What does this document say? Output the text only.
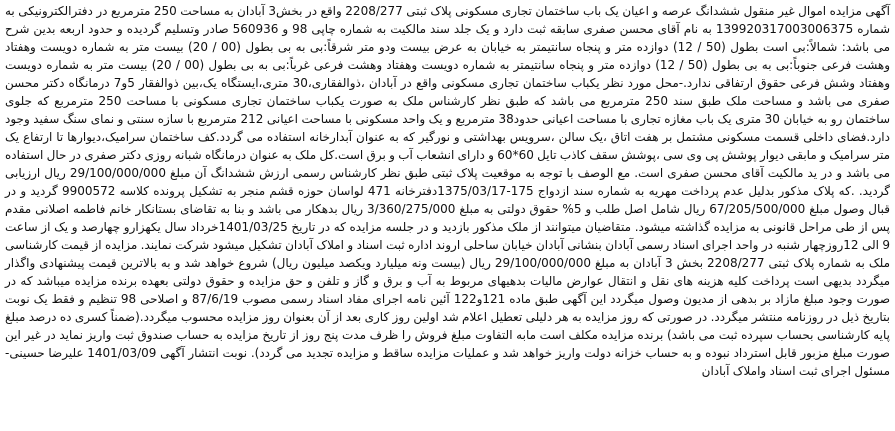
آگهی مزایده اموال غیر منقول ششدانگ عرصه و اعیان یک باب ساختمان تجاری مسکونی پلاک ثبتی 2208/277 واقع در بخش3 آبادان به مساحت 250 مترمربع در دفترالکترونیکی به شماره 139920317003006375 به نام آقای محسن صفری سابقه ثبت دارد و یک جلد سند مالکیت به شماره چاپی 98 و 560936 صادر وتسلیم گردیده و حدود اربعه بدین شرح می باشد: شمالاً:بی است بطول (50 / 12) دوازده متر و پنجاه سانتیمتر به خیابان به عرض بیست ودو متر شرقاً:بی به بی بطول (00 / 20) بیست متر به شماره دویست وهفتاد وهشت فرعی جنوباً:بی به بی بطول (50 / 12) دوازده متر و پنجاه سانتیمتر به شماره دویست وهفتاد وهشت فرعی غرباً:بی به بی بطول (00 / 20) بیست متر به شماره دویست وهفتاد وشش فرعی حقوق ارتفاقی ندارد.-محل مورد نظر یکباب ساختمان تجاری مسکونی واقع در آبادان ،ذوالفقاری،30 متری،ایستگاه یک،بین ذوالفقار 5و7 درمانگاه دکتر محسن صفری می باشد و مساحت ملک طبق سند 250 مترمربع می باشد که طبق نظر کارشناس ملک به صورت یکباب ساختمان تجاری مسکونی با مساحت 250 مترمربع که جلوی ساختمان رو به خیابان 30 متری یک باب مغازه تجاری با مساحت اعیانی حدود38 مترمربع و یک واحد مسکونی با مساحت اعیانی 212 مترمربع با سازه سنتی و نمای سنگ سفید وجود دارد.فضای داخلی قسمت مسکونی مشتمل بر هفت اتاق ،یک سالن ،سرویس بهداشتی و نورگیر که به عنوان آبدارخانه استفاده می گردد.کف ساختمان سرامیک،دیوارها تا ارتفاع یک متر سرامیک و مابقی دیوار پوشش پی وی سی ،پوشش سقف کاذب تایل 60*60 و دارای انشعاب آب و برق است.کل ملک به عنوان درمانگاه شبانه روزی دکتر صفری در حال استفاده می باشد و در ید مالکیت آقای محسن صفری است. مع الوصف با توجه به موقعیت پلاک ثبتی طبق نظر کارشناس رسمی ارزش ششدانگ آن مبلغ 29/100/000/000 ریال ارزیابی گردید. .که پلاک مذکور بدلیل عدم پرداخت مهریه به شماره سند ازدواج 175-1375/03/17دفترخانه 471 لواسان حوزه قشم منجر به تشکیل پرونده کلاسه 9900572 گردید و در قبال وصول مبلغ 67/205/500/000 ریال شامل اصل طلب و 5% حقوق دولتی به مبلغ 3/360/275/000 ریال بدهکار می باشد و بنا به تقاضای بستانکار خانم فاطمه اصلانی مقدم پس از طی مراحل قانونی به مزایده گذاشته میشود. متقاضیان میتوانند از ملک مذکور بازدید و در جلسه مزایده که در تاریخ 1401/03/25خرداد سال یکهزارو چهارصد و یک از ساعت 9 الی 12روزچهار شنبه در واحد اجرای اسناد رسمی آبادان بنشانی آبادان خیابان ساحلی اروند اداره ثبت اسناد و املاک آبادان تشکیل میشود شرکت نمایند. مزایده از قیمت کارشناسی ملک به شماره پلاک ثبتی 2208/277 بخش 3 آبادان به مبلغ 29/100/000/000 ریال (بیست ونه میلیارد ویکصد میلیون ریال) شروع خواهد شد و به بالاترین قیمت پیشنهادی واگذار میگردد بدیهی است پرداخت کلیه هزینه های نقل و انتقال عوارض مالیات بدهیهای مربوط به آب و برق و گاز و تلفن و حق مزایده و حقوق دولتی بعهده برنده مزایده میباشد که در صورت وجود مبلغ مازاد بر بدهی از مدیون وصول میگردد این آگهی طبق ماده 121و122 آئین نامه اجرای مفاد اسناد رسمی مصوب 87/6/19 و اصلاحی 98 تنظیم و فقط یک نوبت بتاریخ ذیل در روزنامه منتشر میگردد. در صورتی که روز مزایده به هر دلیلی تعطیل اعلام شد اولین روز کاری بعد از آن بعنوان روز مزایده محسوب میگردد.(ضمناً کسری ده درصد مبلغ پایه کارشناسی بحساب سپرده ثبت می باشد) برنده مزایده مکلف است مابه التفاوت مبلغ فروش را ظرف مدت پنج روز از تاریخ مزایده به حساب صندوق ثبت واریز نماید در غیر این صورت مبلغ مزبور قابل استرداد نبوده و به حساب خزانه دولت واریز خواهد شد و عملیات مزایده ساقط و مزایده تجدید می گردد). نوبت انتشار آگهی 1401/03/09 علیرضا حسینی-مسئول اجرای ثبت اسناد واملاک آبادان
